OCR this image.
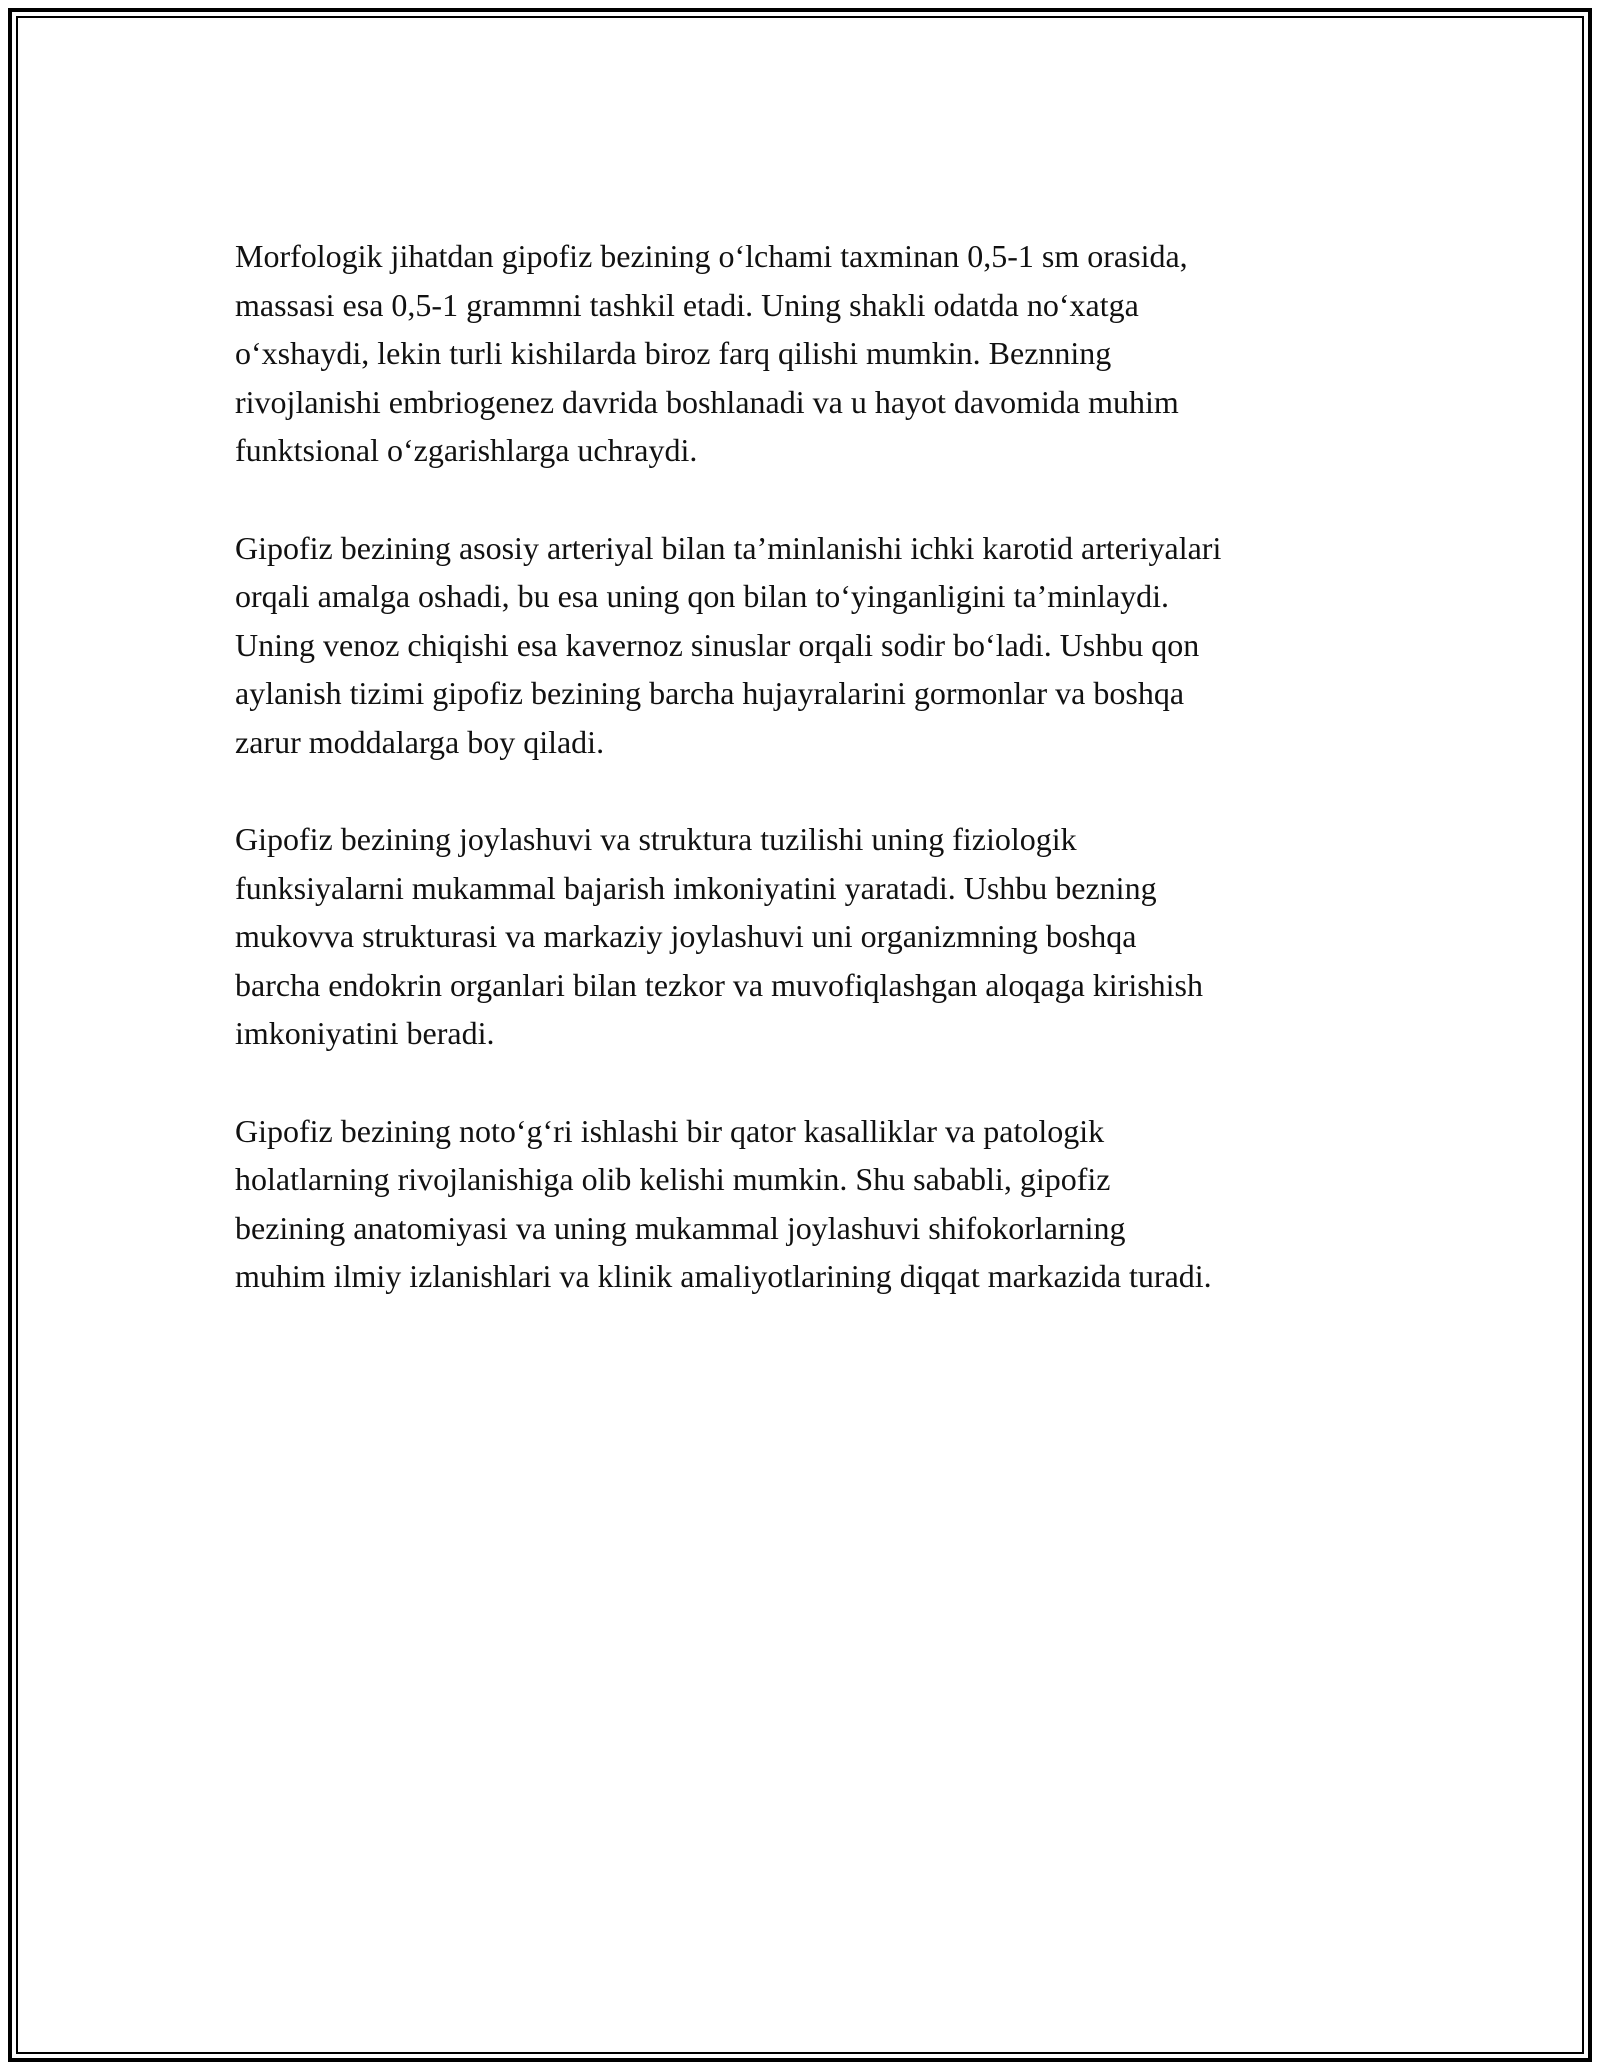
Morfologik jihatdan gipofiz bezining o‘lchami taxminan 0,5-1 sm orasida,
massasi esa 0,5-1 grammni tashkil etadi. Uning shakli odatda no‘xatga
o‘xshaydi, lekin turli kishilarda biroz farq qilishi mumkin. Beznning
rivojlanishi embriogenez davrida boshlanadi va u hayot davomida muhim
funktsional o‘zgarishlarga uchraydi.

Gipofiz bezining asosiy arteriyal bilan ta’minlanishi ichki karotid arteriyalari
orqali amalga oshadi, bu esa uning qon bilan to‘yinganligini ta’minlaydi.
Uning venoz chiqishi esa kavernoz sinuslar orqali sodir bo‘ladi. Ushbu qon
aylanish tizimi gipofiz bezining barcha hujayralarini gormonlar va boshqa
zarur moddalarga boy qiladi.

Gipofiz bezining joylashuvi va struktura tuzilishi uning fiziologik
funksiyalarni mukammal bajarish imkoniyatini yaratadi. Ushbu bezning
mukovva strukturasi va markaziy joylashuvi uni organizmning boshqa
barcha endokrin organlari bilan tezkor va muvofiqlashgan aloqaga kirishish
imkoniyatini beradi.

Gipofiz bezining noto‘g‘ri ishlashi bir qator kasalliklar va patologik
holatlarning rivojlanishiga olib kelishi mumkin. Shu sababli, gipofiz
bezining anatomiyasi va uning mukammal joylashuvi shifokorlarning
muhim ilmiy izlanishlari va klinik amaliyotlarining diqqat markazida turadi.
